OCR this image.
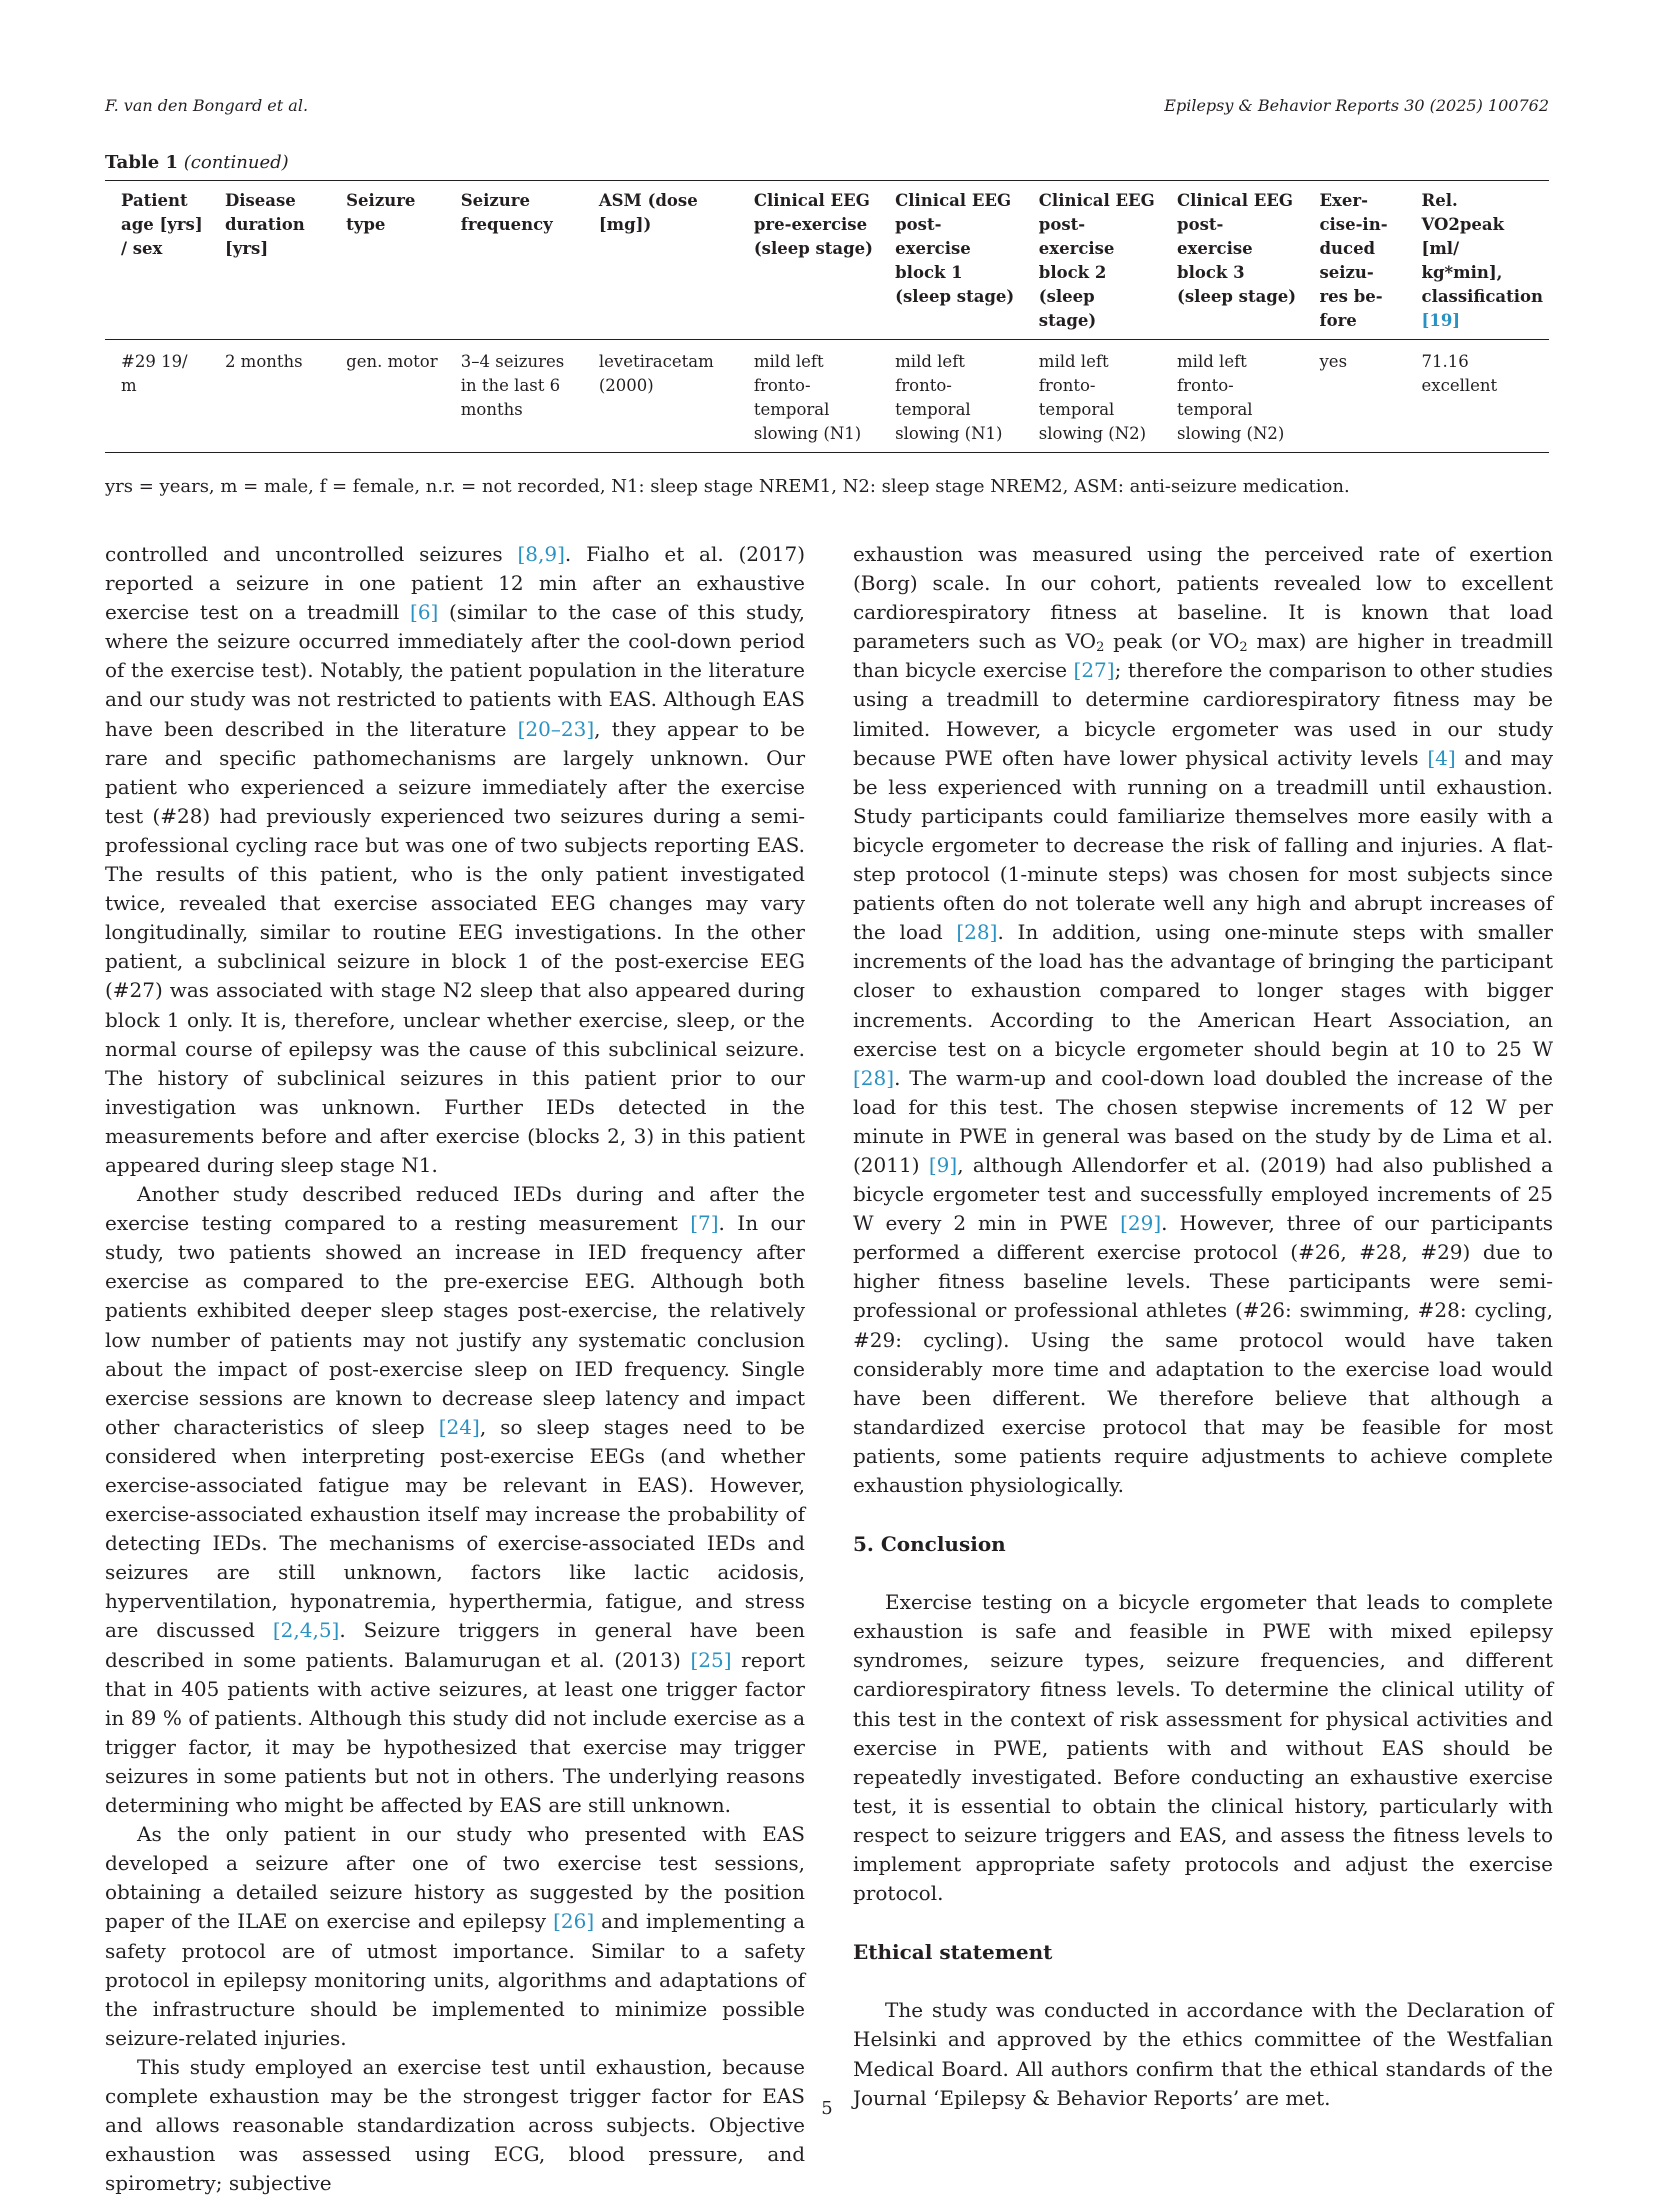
F. van den Bongard et al.	Epilepsy & Behavior Reports 30 (2025) 100762
Table 1 (continued)
Patient age [yrs] / sex	Disease duration [yrs]	Seizure type	Seizure frequency	ASM (dose [mg])	Clinical EEG pre-exercise (sleep stage)	Clinical EEG post-exercise block 1 (sleep stage)	Clinical EEG post-exercise block 2 (sleep stage)	Clinical EEG post-exercise block 3 (sleep stage)	Exer-cise-in-duced seizu-res be-fore	Rel. VO2peak [ml/ kg*min], classification [19]
#29 19/ m	2 months	gen. motor	3–4 seizures in the last 6 months	levetiracetam (2000)	mild left fronto-temporal slowing (N1)	mild left fronto-temporal slowing (N1)	mild left fronto-temporal slowing (N2)	mild left fronto-temporal slowing (N2)	yes	71.16 excellent
yrs = years, m = male, f = female, n.r. = not recorded, N1: sleep stage NREM1, N2: sleep stage NREM2, ASM: anti-seizure medication.

controlled and uncontrolled seizures [8,9]. Fialho et al. (2017) reported a seizure in one patient 12 min after an exhaustive exercise test on a treadmill [6] (similar to the case of this study, where the seizure occurred immediately after the cool-down period of the exercise test). Notably, the patient population in the literature and our study was not restricted to patients with EAS. Although EAS have been described in the literature [20–23], they appear to be rare and specific pathomechanisms are largely unknown. Our patient who experienced a seizure immediately after the exercise test (#28) had previously experienced two seizures during a semi-professional cycling race but was one of two subjects reporting EAS. The results of this patient, who is the only patient investigated twice, revealed that exercise associated EEG changes may vary longitudinally, similar to routine EEG investigations. In the other patient, a subclinical seizure in block 1 of the post-exercise EEG (#27) was associated with stage N2 sleep that also appeared during block 1 only. It is, therefore, unclear whether exercise, sleep, or the normal course of epilepsy was the cause of this subclinical seizure. The history of subclinical seizures in this patient prior to our investigation was unknown. Further IEDs detected in the measurements before and after exercise (blocks 2, 3) in this patient appeared during sleep stage N1.

Another study described reduced IEDs during and after the exercise testing compared to a resting measurement [7]. In our study, two patients showed an increase in IED frequency after exercise as compared to the pre-exercise EEG. Although both patients exhibited deeper sleep stages post-exercise, the relatively low number of patients may not justify any systematic conclusion about the impact of post-exercise sleep on IED frequency. Single exercise sessions are known to decrease sleep latency and impact other characteristics of sleep [24], so sleep stages need to be considered when interpreting post-exercise EEGs (and whether exercise-associated fatigue may be relevant in EAS). However, exercise-associated exhaustion itself may increase the probability of detecting IEDs. The mechanisms of exercise-associated IEDs and seizures are still unknown, factors like lactic acidosis, hyperventilation, hyponatremia, hyperthermia, fatigue, and stress are discussed [2,4,5]. Seizure triggers in general have been described in some patients. Balamurugan et al. (2013) [25] report that in 405 patients with active seizures, at least one trigger factor in 89 % of patients. Although this study did not include exercise as a trigger factor, it may be hypothesized that exercise may trigger seizures in some patients but not in others. The underlying reasons determining who might be affected by EAS are still unknown.

As the only patient in our study who presented with EAS developed a seizure after one of two exercise test sessions, obtaining a detailed seizure history as suggested by the position paper of the ILAE on exercise and epilepsy [26] and implementing a safety protocol are of utmost importance. Similar to a safety protocol in epilepsy monitoring units, algorithms and adaptations of the infrastructure should be implemented to minimize possible seizure-related injuries.

This study employed an exercise test until exhaustion, because complete exhaustion may be the strongest trigger factor for EAS and allows reasonable standardization across subjects. Objective exhaustion was assessed using ECG, blood pressure, and spirometry; subjective

exhaustion was measured using the perceived rate of exertion (Borg) scale. In our cohort, patients revealed low to excellent cardiorespiratory fitness at baseline. It is known that load parameters such as $VO_2$ peak (or $VO_2$ max) are higher in treadmill than bicycle exercise [27]; therefore the comparison to other studies using a treadmill to determine cardiorespiratory fitness may be limited. However, a bicycle ergometer was used in our study because PWE often have lower physical activity levels [4] and may be less experienced with running on a treadmill until exhaustion. Study participants could familiarize themselves more easily with a bicycle ergometer to decrease the risk of falling and injuries. A flat-step protocol (1-minute steps) was chosen for most subjects since patients often do not tolerate well any high and abrupt increases of the load [28]. In addition, using one-minute steps with smaller increments of the load has the advantage of bringing the participant closer to exhaustion compared to longer stages with bigger increments. According to the American Heart Association, an exercise test on a bicycle ergometer should begin at 10 to 25 W [28]. The warm-up and cool-down load doubled the increase of the load for this test. The chosen stepwise increments of 12 W per minute in PWE in general was based on the study by de Lima et al. (2011) [9], although Allendorfer et al. (2019) had also published a bicycle ergometer test and successfully employed increments of 25 W every 2 min in PWE [29]. However, three of our participants performed a different exercise protocol (#26, #28, #29) due to higher fitness baseline levels. These participants were semi-professional or professional athletes (#26: swimming, #28: cycling, #29: cycling). Using the same protocol would have taken considerably more time and adaptation to the exercise load would have been different. We therefore believe that although a standardized exercise protocol that may be feasible for most patients, some patients require adjustments to achieve complete exhaustion physiologically.

5. Conclusion

Exercise testing on a bicycle ergometer that leads to complete exhaustion is safe and feasible in PWE with mixed epilepsy syndromes, seizure types, seizure frequencies, and different cardiorespiratory fitness levels. To determine the clinical utility of this test in the context of risk assessment for physical activities and exercise in PWE, patients with and without EAS should be repeatedly investigated. Before conducting an exhaustive exercise test, it is essential to obtain the clinical history, particularly with respect to seizure triggers and EAS, and assess the fitness levels to implement appropriate safety protocols and adjust the exercise protocol.

Ethical statement

The study was conducted in accordance with the Declaration of Helsinki and approved by the ethics committee of the Westfalian Medical Board. All authors confirm that the ethical standards of the Journal ‘Epilepsy & Behavior Reports’ are met.

5
